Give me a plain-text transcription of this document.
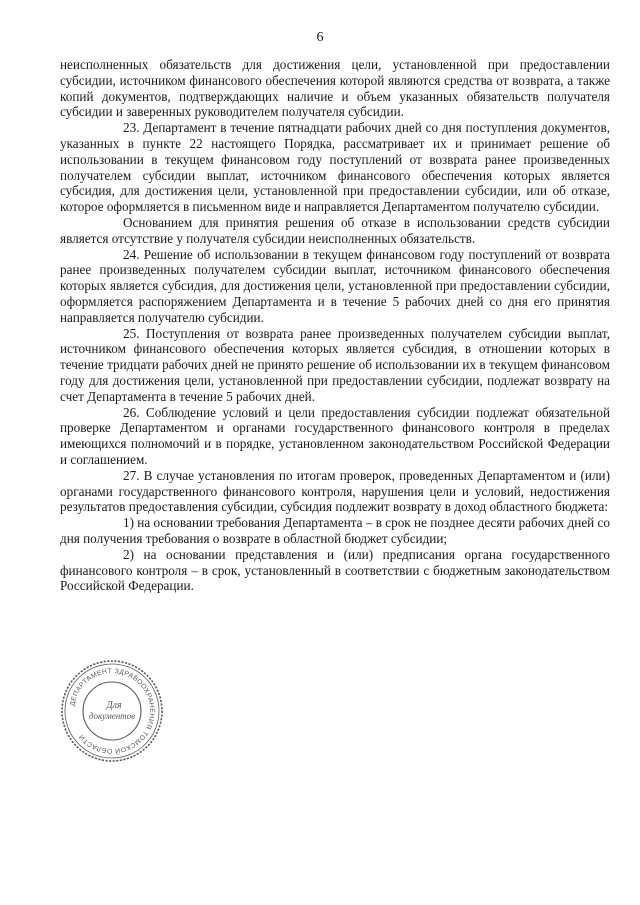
6

неисполненных обязательств для достижения цели, установленной при предоставлении субсидии, источником финансового обеспечения которой являются средства от возврата, а также копий документов, подтверждающих наличие и объем указанных обязательств получателя субсидии и заверенных руководителем получателя субсидии.

23. Департамент в течение пятнадцати рабочих дней со дня поступления документов, указанных в пункте 22 настоящего Порядка, рассматривает их и принимает решение об использовании в текущем финансовом году поступлений от возврата ранее произведенных получателем субсидии выплат, источником финансового обеспечения которых является субсидия, для достижения цели, установленной при предоставлении субсидии, или об отказе, которое оформляется в письменном виде и направляется Департаментом получателю субсидии.

Основанием для принятия решения об отказе в использовании средств субсидии является отсутствие у получателя субсидии неисполненных обязательств.

24. Решение об использовании в текущем финансовом году поступлений от возврата ранее произведенных получателем субсидии выплат, источником финансового обеспечения которых является субсидия, для достижения цели, установленной при предоставлении субсидии, оформляется распоряжением Департамента и в течение 5 рабочих дней со дня его принятия направляется получателю субсидии.

25. Поступления от возврата ранее произведенных получателем субсидии выплат, источником финансового обеспечения которых является субсидия, в отношении которых в течение тридцати рабочих дней не принято решение об использовании их в текущем финансовом году для достижения цели, установленной при предоставлении субсидии, подлежат возврату на счет Департамента в течение 5 рабочих дней.

26. Соблюдение условий и цели предоставления субсидии подлежат обязательной проверке Департаментом и органами государственного финансового контроля в пределах имеющихся полномочий и в порядке, установленном законодательством Российской Федерации и соглашением.

27. В случае установления по итогам проверок, проведенных Департаментом и (или) органами государственного финансового контроля, нарушения цели и условий, недостижения результатов предоставления субсидии, субсидия подлежит возврату в доход областного бюджета:

1) на основании требования Департамента – в срок не позднее десяти рабочих дней со дня получения требования о возврате в областной бюджет субсидии;

2) на основании представления и (или) предписания органа государственного финансового контроля – в срок, установленный в соответствии с бюджетным законодательством Российской Федерации.

ДЕПАРТАМЕНТ ЗДРАВООХРАНЕНИЯ ТОМСКОЙ ОБЛАСТИ
Для
документов
